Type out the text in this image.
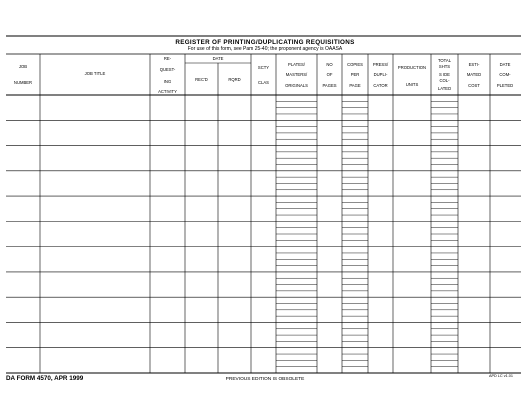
REGISTER OF PRINTING/DUPLICATING REQUISITIONS
For use of this form, see Pam 25-40; the proponent agency is OAASA
JOB
NUMBER
JOB TITLE
RE-
QUEST-
ING
ACTIVITY
DATE
REC'D	RQRD
SCTY
CLAS
PLATES/
MASTERS/
ORIGINALS
NO
OF
PAGES
COPIES
PER
PAGE
PRESS/
DUPLI-
CATOR
PRODUCTION
UNITS
TOTAL
SHTS
S IDE
COL-
LATED
ESTI-
MATED
COST
DATE
COM-
PLETED
DA FORM 4570, APR 1999	PREVIOUS EDITION IS OBSOLETE
APD LC v1.01
